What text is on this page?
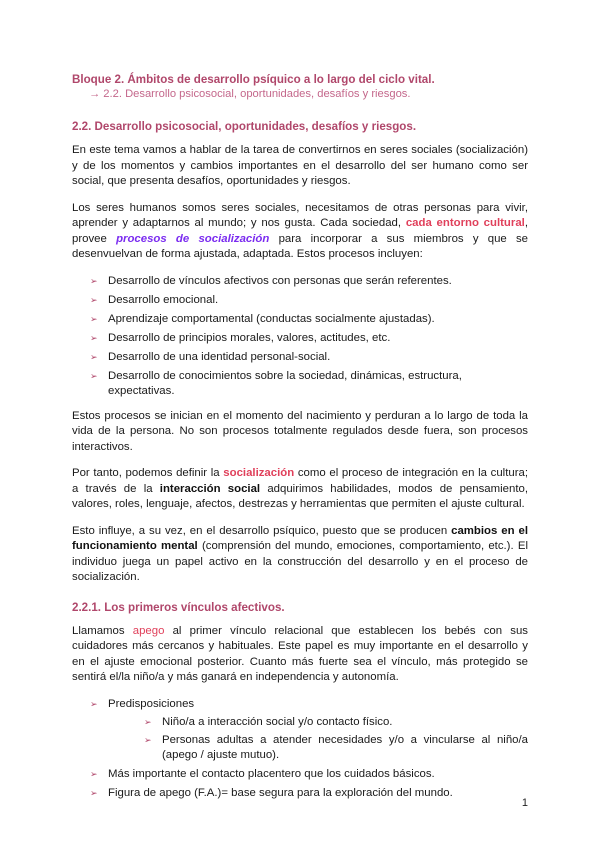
Bloque 2. Ámbitos de desarrollo psíquico a lo largo del ciclo vital.
→ 2.2. Desarrollo psicosocial, oportunidades, desafíos y riesgos.
2.2. Desarrollo psicosocial, oportunidades, desafíos y riesgos.

En este tema vamos a hablar de la tarea de convertirnos en seres sociales (socialización) y de los momentos y cambios importantes en el desarrollo del ser humano como ser social, que presenta desafíos, oportunidades y riesgos.

Los seres humanos somos seres sociales, necesitamos de otras personas para vivir, aprender y adaptarnos al mundo; y nos gusta. Cada sociedad, cada entorno cultural, provee procesos de socialización para incorporar a sus miembros y que se desenvuelvan de forma ajustada, adaptada. Estos procesos incluyen:

➢ Desarrollo de vínculos afectivos con personas que serán referentes.
➢ Desarrollo emocional.
➢ Aprendizaje comportamental (conductas socialmente ajustadas).
➢ Desarrollo de principios morales, valores, actitudes, etc.
➢ Desarrollo de una identidad personal-social.
➢ Desarrollo de conocimientos sobre la sociedad, dinámicas, estructura, expectativas.

Estos procesos se inician en el momento del nacimiento y perduran a lo largo de toda la vida de la persona. No son procesos totalmente regulados desde fuera, son procesos interactivos.

Por tanto, podemos definir la socialización como el proceso de integración en la cultura; a través de la interacción social adquirimos habilidades, modos de pensamiento, valores, roles, lenguaje, afectos, destrezas y herramientas que permiten el ajuste cultural.

Esto influye, a su vez, en el desarrollo psíquico, puesto que se producen cambios en el funcionamiento mental (comprensión del mundo, emociones, comportamiento, etc.). El individuo juega un papel activo en la construcción del desarrollo y en el proceso de socialización.

2.2.1. Los primeros vínculos afectivos.

Llamamos apego al primer vínculo relacional que establecen los bebés con sus cuidadores más cercanos y habituales. Este papel es muy importante en el desarrollo y en el ajuste emocional posterior. Cuanto más fuerte sea el vínculo, más protegido se sentirá el/la niño/a y más ganará en independencia y autonomía.

➢ Predisposiciones
➢ Niño/a a interacción social y/o contacto físico.
➢ Personas adultas a atender necesidades y/o a vincularse al niño/a (apego / ajuste mutuo).
➢ Más importante el contacto placentero que los cuidados básicos.
➢ Figura de apego (F.A.)= base segura para la exploración del mundo.
1
